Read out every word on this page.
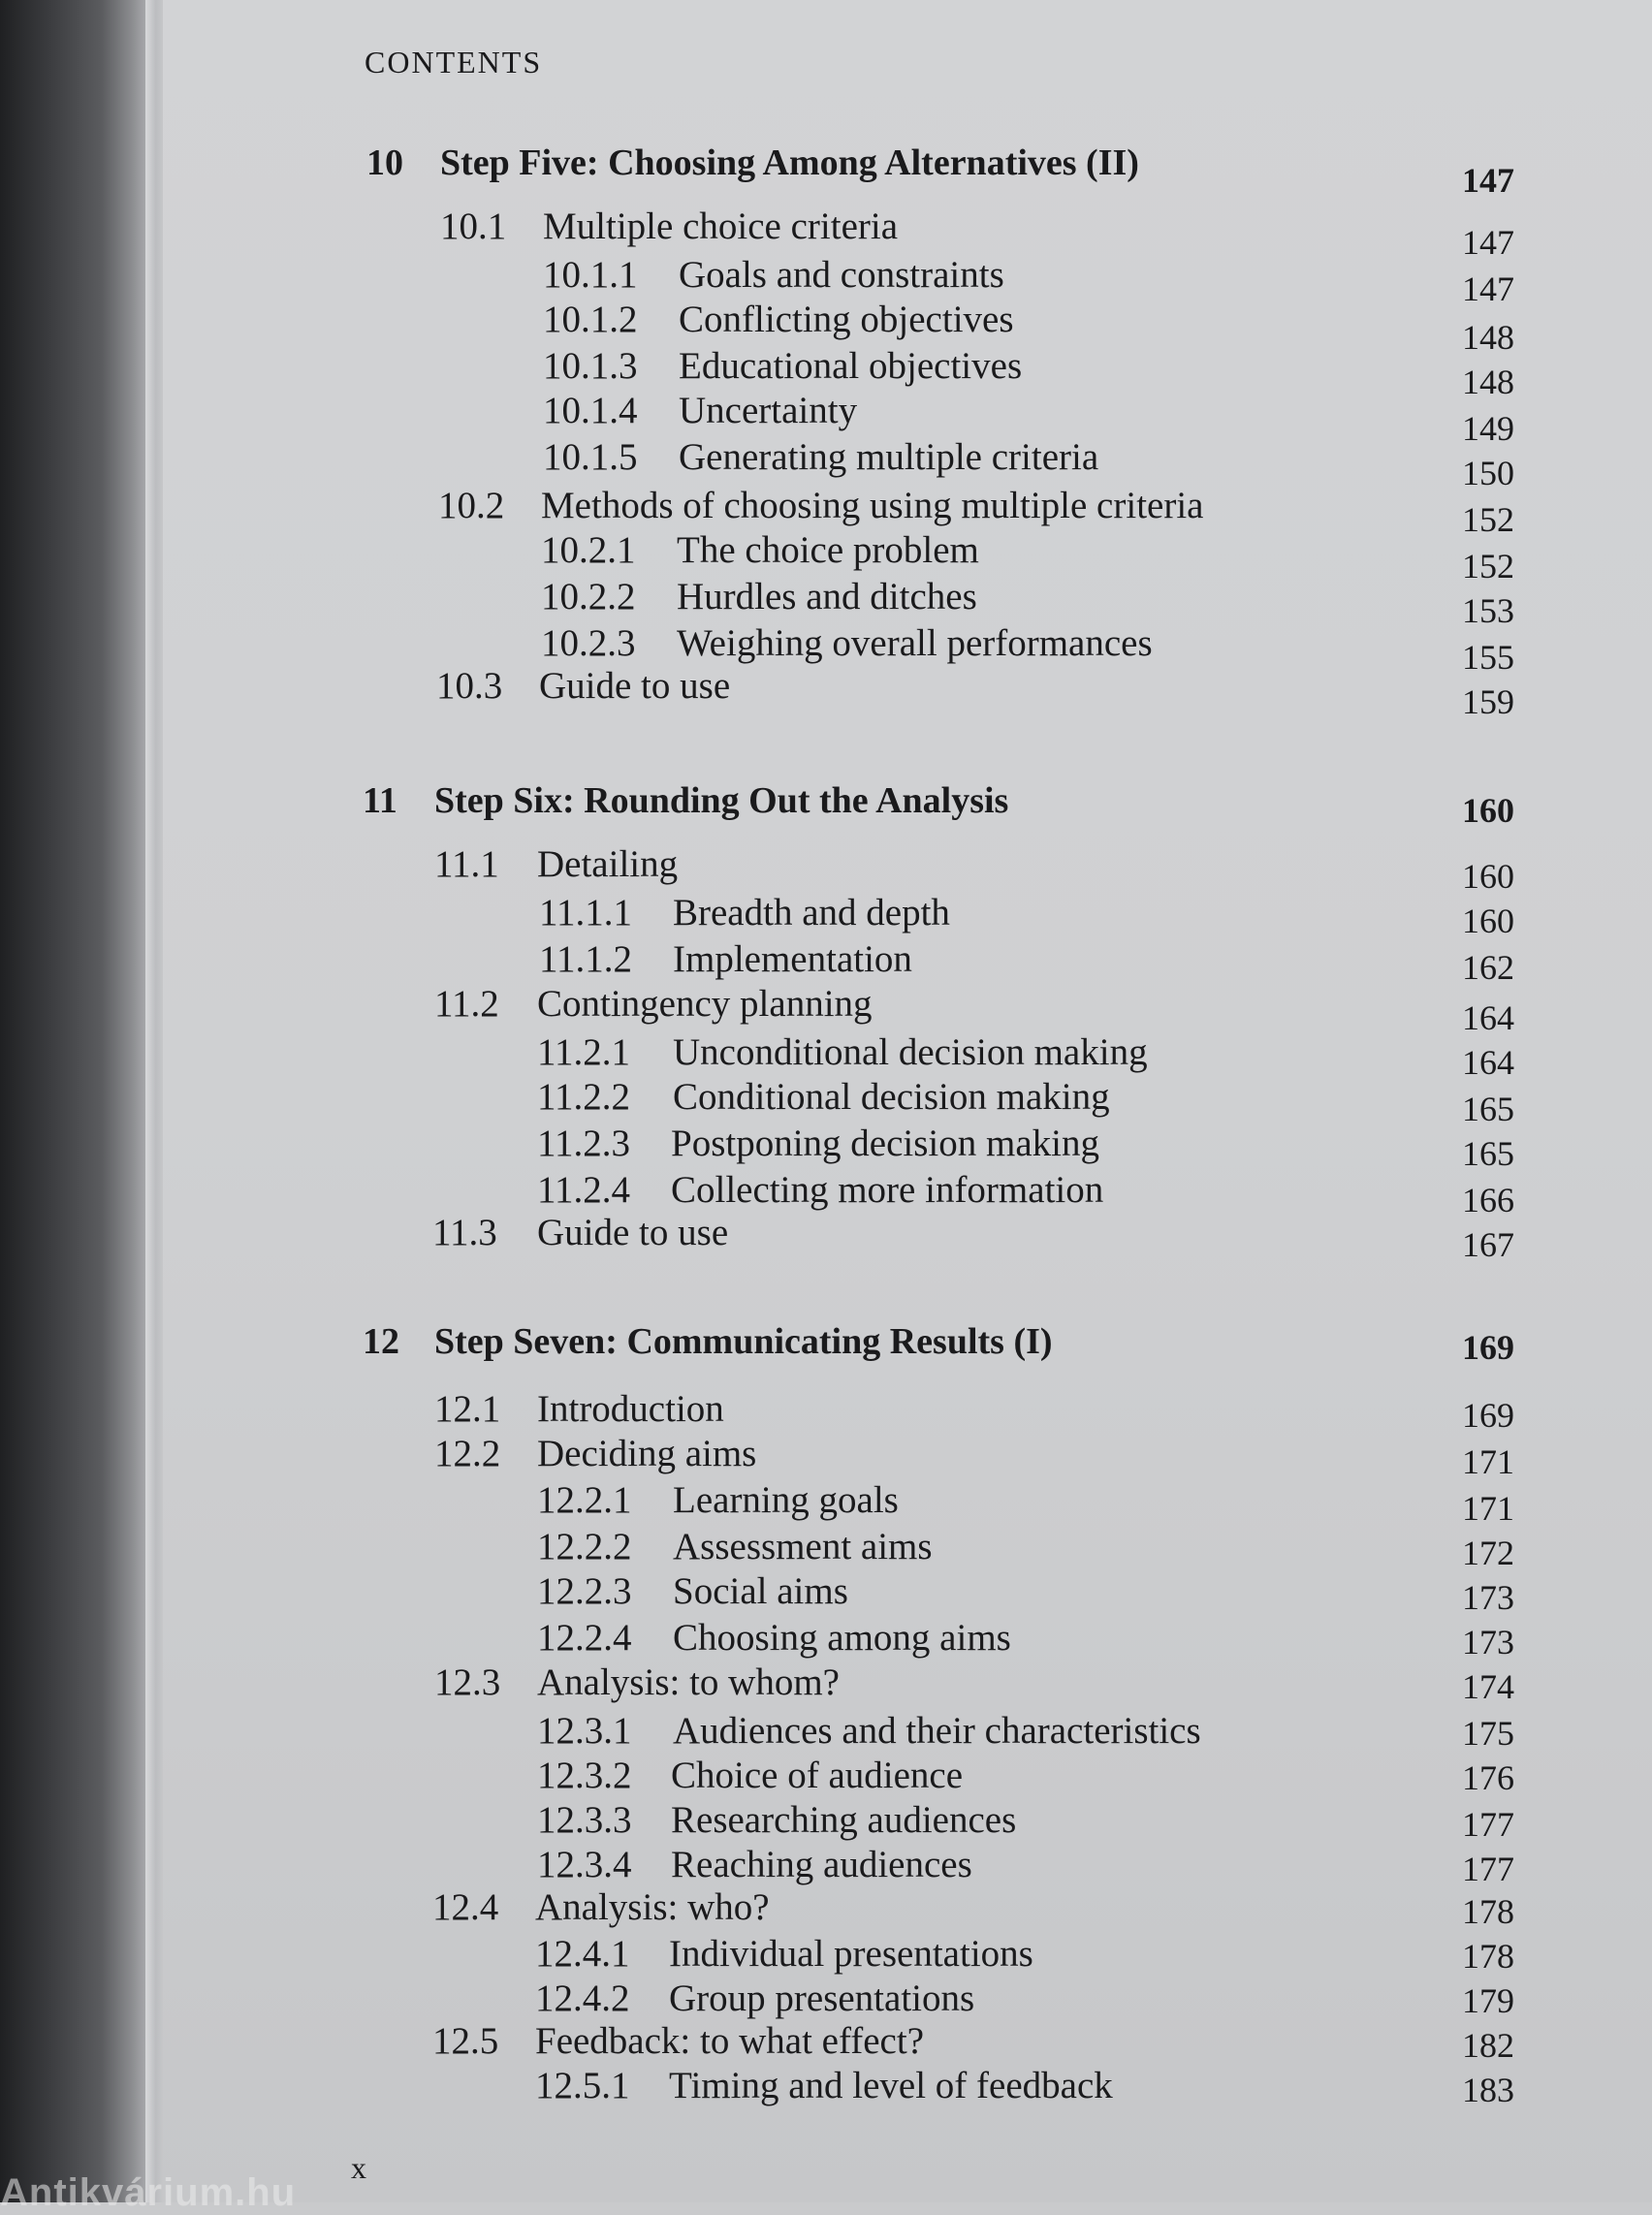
CONTENTS
10 Step Five: Choosing Among Alternatives (II)	147
10.1 Multiple choice criteria	147
10.1.1 Goals and constraints	147
10.1.2 Conflicting objectives	148
10.1.3 Educational objectives	148
10.1.4 Uncertainty	149
10.1.5 Generating multiple criteria	150
10.2 Methods of choosing using multiple criteria	152
10.2.1 The choice problem	152
10.2.2 Hurdles and ditches	153
10.2.3 Weighing overall performances	155
10.3 Guide to use	159
11 Step Six: Rounding Out the Analysis	160
11.1 Detailing	160
11.1.1 Breadth and depth	160
11.1.2 Implementation	162
11.2 Contingency planning	164
11.2.1 Unconditional decision making	164
11.2.2 Conditional decision making	165
11.2.3 Postponing decision making	165
11.2.4 Collecting more information	166
11.3 Guide to use	167
12 Step Seven: Communicating Results (I)	169
12.1 Introduction	169
12.2 Deciding aims	171
12.2.1 Learning goals	171
12.2.2 Assessment aims	172
12.2.3 Social aims	173
12.2.4 Choosing among aims	173
12.3 Analysis: to whom?	174
12.3.1 Audiences and their characteristics	175
12.3.2 Choice of audience	176
12.3.3 Researching audiences	177
12.3.4 Reaching audiences	177
12.4 Analysis: who?	178
12.4.1 Individual presentations	178
12.4.2 Group presentations	179
12.5 Feedback: to what effect?	182
12.5.1 Timing and level of feedback	183
x
Antikvárium.hu
